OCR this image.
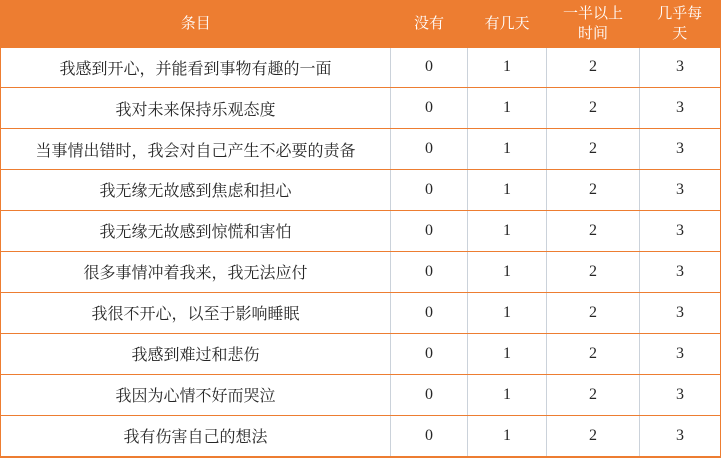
条目	没有	有几天	一半以上时间	几乎每天
我感到开心，并能看到事物有趣的一面	0	1	2	3
我对未来保持乐观态度	0	1	2	3
当事情出错时，我会对自己产生不必要的责备	0	1	2	3
我无缘无故感到焦虑和担心	0	1	2	3
我无缘无故感到惊慌和害怕	0	1	2	3
很多事情冲着我来，我无法应付	0	1	2	3
我很不开心，以至于影响睡眠	0	1	2	3
我感到难过和悲伤	0	1	2	3
我因为心情不好而哭泣	0	1	2	3
我有伤害自己的想法	0	1	2	3
